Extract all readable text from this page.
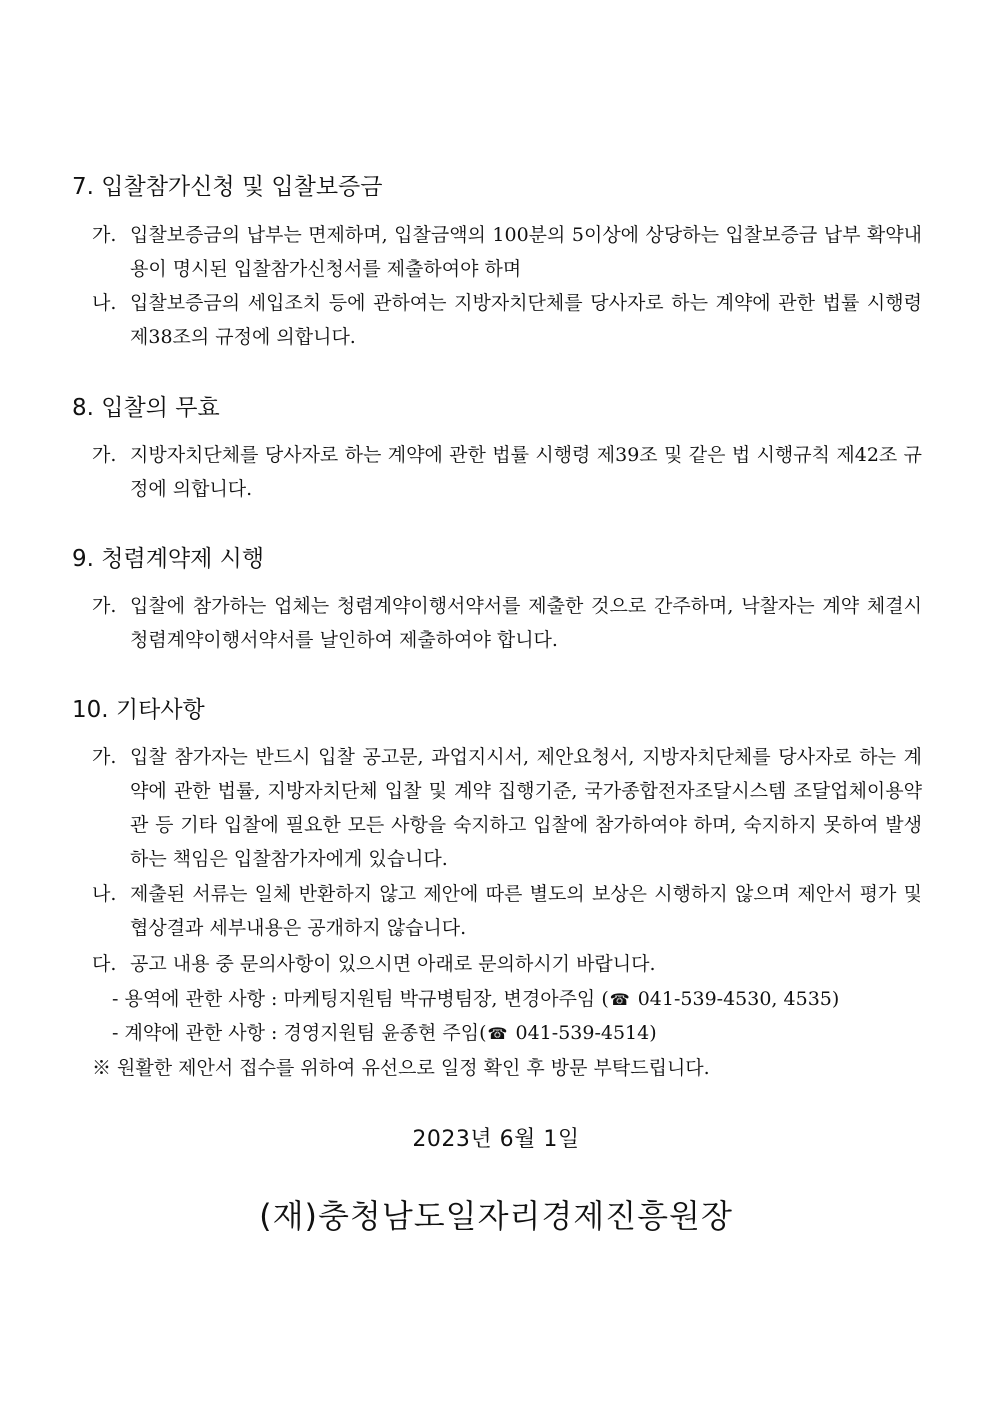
7. 입찰참가신청 및 입찰보증금
가. 입찰보증금의 납부는 면제하며, 입찰금액의 100분의 5이상에 상당하는 입찰보증금 납부 확약내용이 명시된 입찰참가신청서를 제출하여야 하며
나. 입찰보증금의 세입조치 등에 관하여는 지방자치단체를 당사자로 하는 계약에 관한 법률 시행령 제38조의 규정에 의합니다.
8. 입찰의 무효
가. 지방자치단체를 당사자로 하는 계약에 관한 법률 시행령 제39조 및 같은 법 시행규칙 제42조 규정에 의합니다.
9. 청렴계약제 시행
가. 입찰에 참가하는 업체는 청렴계약이행서약서를 제출한 것으로 간주하며, 낙찰자는 계약 체결시 청렴계약이행서약서를 날인하여 제출하여야 합니다.
10. 기타사항
가. 입찰 참가자는 반드시 입찰 공고문, 과업지시서, 제안요청서, 지방자치단체를 당사자로 하는 계약에 관한 법률, 지방자치단체 입찰 및 계약 집행기준, 국가종합전자조달시스템 조달업체이용약관 등 기타 입찰에 필요한 모든 사항을 숙지하고 입찰에 참가하여야 하며, 숙지하지 못하여 발생하는 책임은 입찰참가자에게 있습니다.
나. 제출된 서류는 일체 반환하지 않고 제안에 따른 별도의 보상은 시행하지 않으며 제안서 평가 및 협상결과 세부내용은 공개하지 않습니다.
다. 공고 내용 중 문의사항이 있으시면 아래로 문의하시기 바랍니다.
- 용역에 관한 사항 : 마케팅지원팀 박규병팀장, 변경아주임 (☎ 041-539-4530, 4535)
- 계약에 관한 사항 : 경영지원팀 윤종현 주임(☎ 041-539-4514)
※ 원활한 제안서 접수를 위하여 유선으로 일정 확인 후 방문 부탁드립니다.
2023년 6월 1일
(재)충청남도일자리경제진흥원장
